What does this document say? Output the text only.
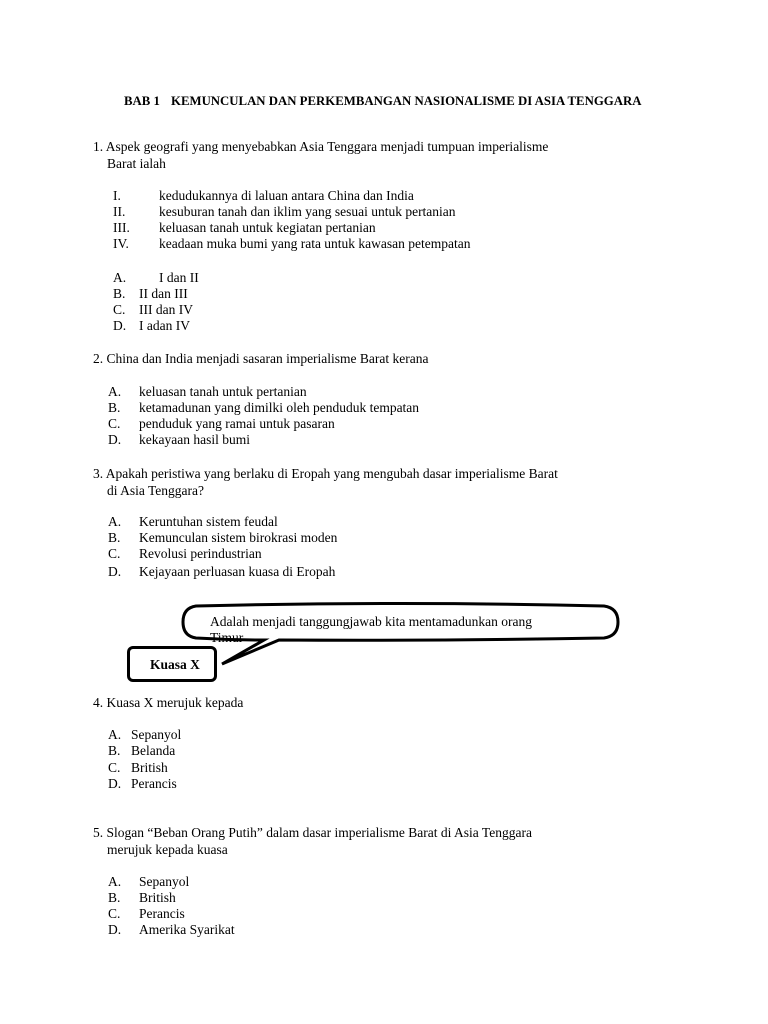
BAB 1 KEMUNCULAN DAN PERKEMBANGAN NASIONALISME DI ASIA TENGGARA
1. Aspek geografi yang menyebabkan Asia Tenggara menjadi tumpuan imperialisme
Barat ialah
I.	kedudukannya di laluan antara China dan India
II. kesuburan tanah dan iklim yang sesuai untuk pertanian
III. keluasan tanah untuk kegiatan pertanian
IV. keadaan muka bumi yang rata untuk kawasan petempatan
A. I dan II
B. II dan III
C. III dan IV
D. I adan IV
2. China dan India menjadi sasaran imperialisme Barat kerana
A. keluasan tanah untuk pertanian
B. ketamadunan yang dimilki oleh penduduk tempatan
C. penduduk yang ramai untuk pasaran
D. kekayaan hasil bumi
3. Apakah peristiwa yang berlaku di Eropah yang mengubah dasar imperialisme Barat
di Asia Tenggara?
A. Keruntuhan sistem feudal
B. Kemunculan sistem birokrasi moden
C. Revolusi perindustrian
D. Kejayaan perluasan kuasa di Eropah
Adalah menjadi tanggungjawab kita mentamadunkan orang
Timur
Kuasa X
4. Kuasa X merujuk kepada
A. Sepanyol
B. Belanda
C. British
D. Perancis
5. Slogan “Beban Orang Putih” dalam dasar imperialisme Barat di Asia Tenggara
merujuk kepada kuasa
A. Sepanyol
B. British
C. Perancis
D. Amerika Syarikat
